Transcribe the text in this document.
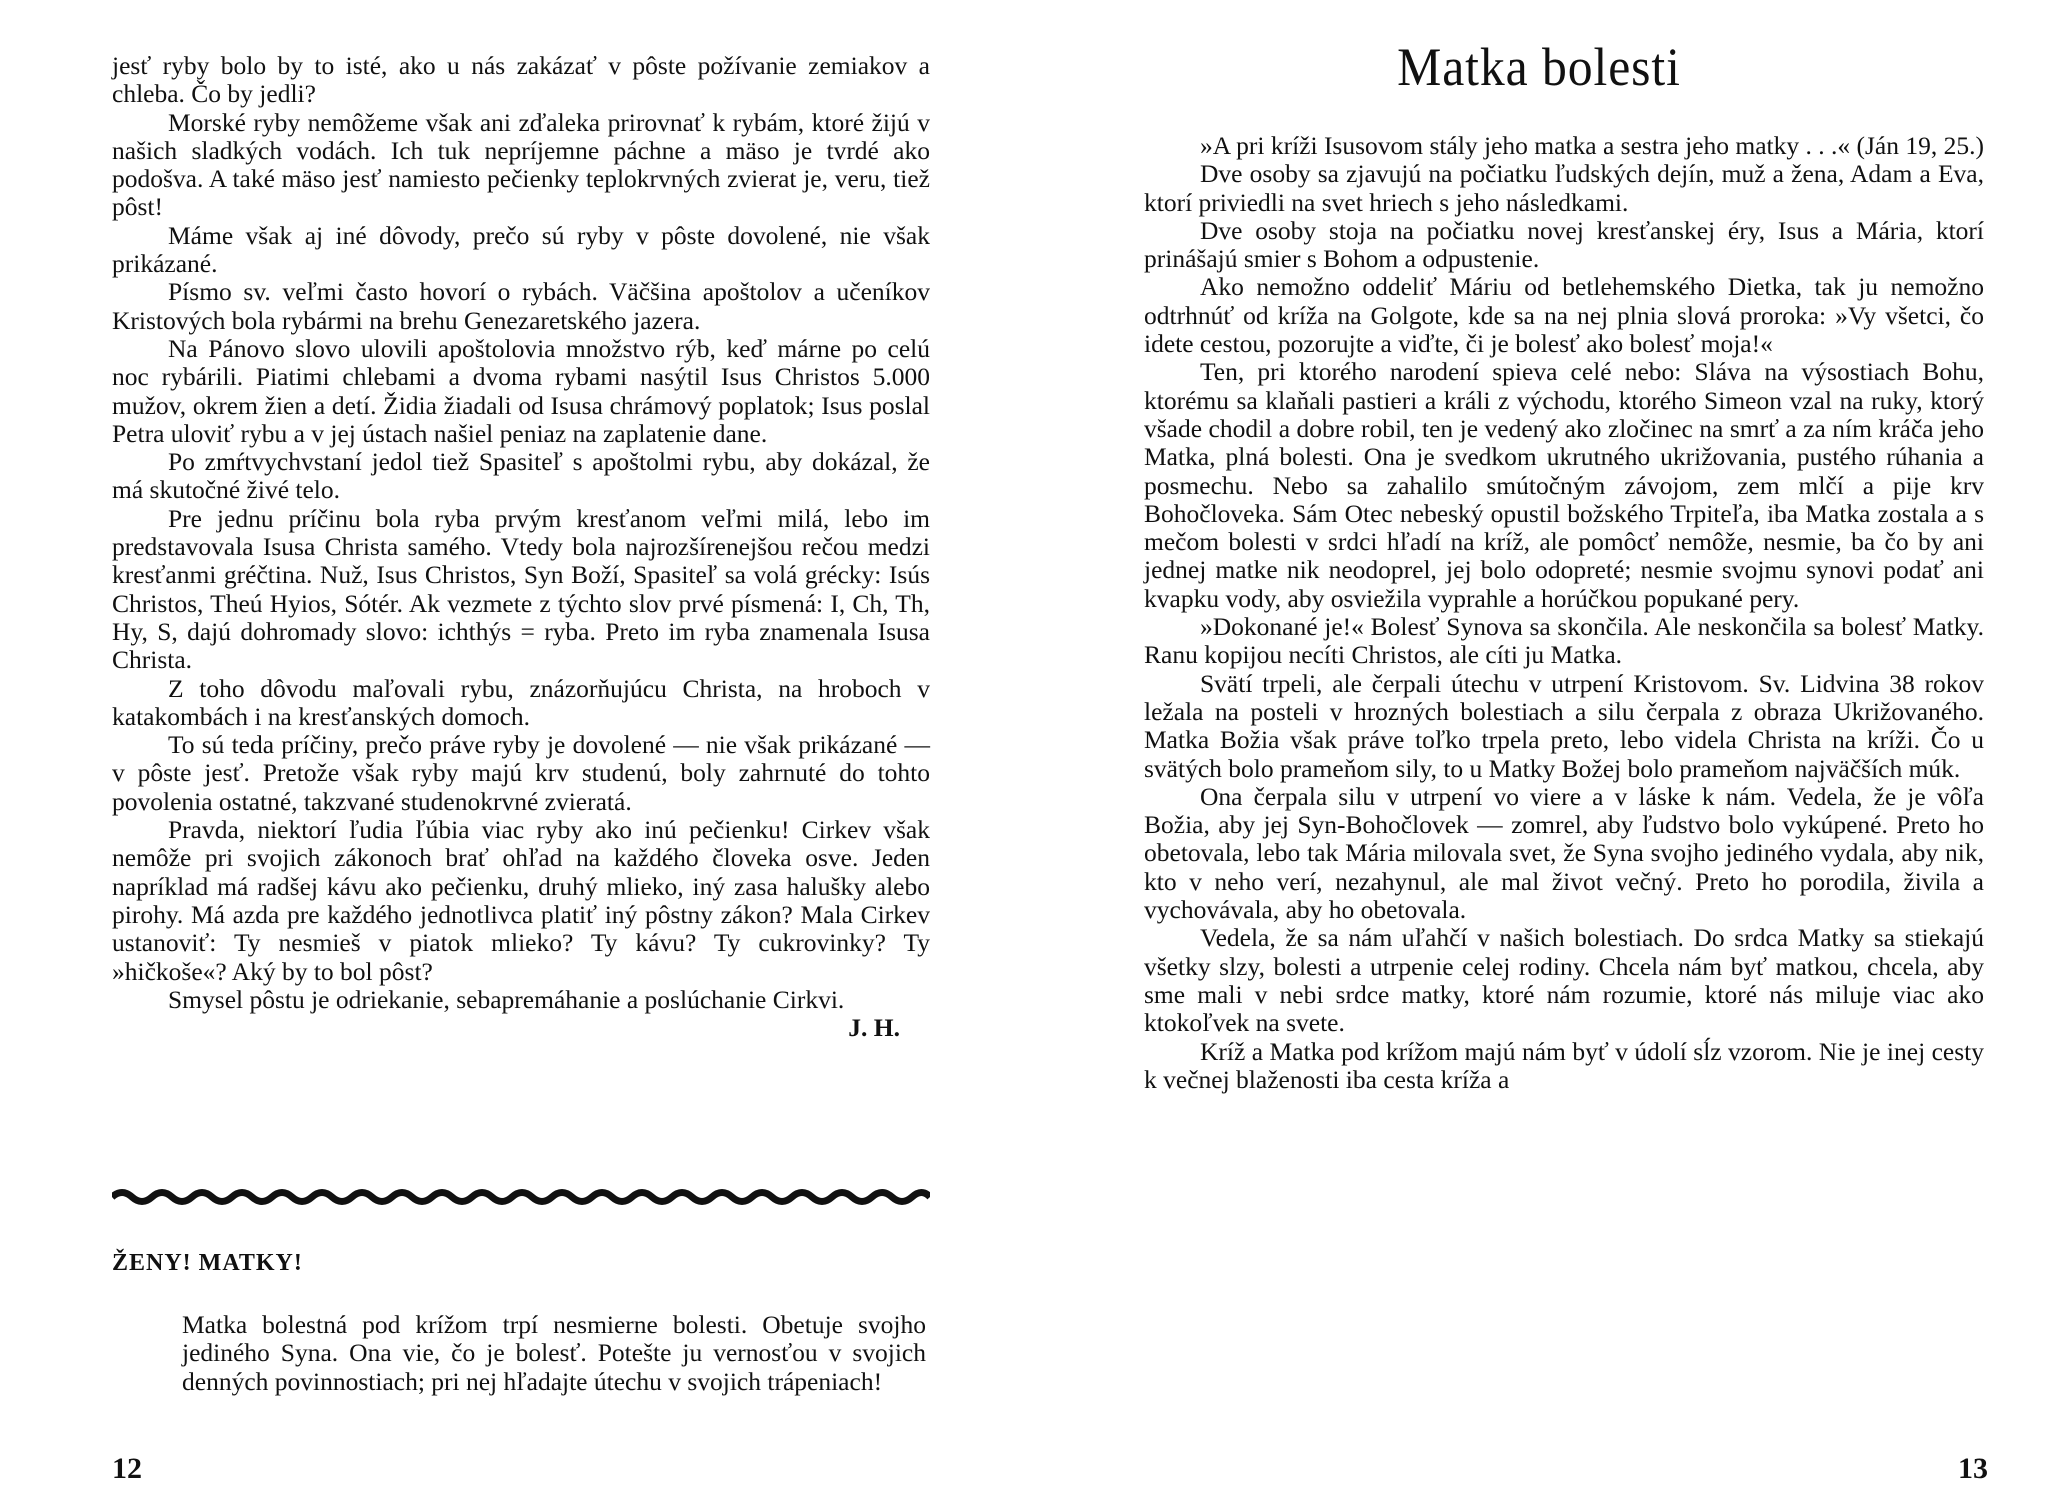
jesť ryby bolo by to isté, ako u nás zakázať v pôste požívanie zemiakov a chleba. Čo by jedli?

Morské ryby nemôžeme však ani zďaleka prirovnať k rybám, ktoré žijú v našich sladkých vodách. Ich tuk nepríjemne páchne a mäso je tvrdé ako podošva. A také mäso jesť namiesto pečienky teplokrvných zvierat je, veru, tiež pôst!

Máme však aj iné dôvody, prečo sú ryby v pôste dovolené, nie však prikázané.

Písmo sv. veľmi často hovorí o rybách. Väčšina apoštolov a učeníkov Kristových bola rybármi na brehu Genezaretského jazera.

Na Pánovo slovo ulovili apoštolovia množstvo rýb, keď márne po celú noc rybárili. Piatimi chlebami a dvoma rybami nasýtil Isus Christos 5.000 mužov, okrem žien a detí. Židia žiadali od Isusa chrámový poplatok; Isus poslal Petra uloviť rybu a v jej ústach našiel peniaz na zaplatenie dane.

Po zmŕtvychvstaní jedol tiež Spasiteľ s apoštolmi rybu, aby dokázal, že má skutočné živé telo.

Pre jednu príčinu bola ryba prvým kresťanom veľmi milá, lebo im predstavovala Isusa Christa samého. Vtedy bola najrozšírenejšou rečou medzi kresťanmi gréčtina. Nuž, Isus Christos, Syn Boží, Spasiteľ sa volá grécky: Isús Christos, Theú Hyios, Sótér. Ak vezmete z týchto slov prvé písmená: I, Ch, Th, Hy, S, dajú dohromady slovo: ichthýs = ryba. Preto im ryba znamenala Isusa Christa.

Z toho dôvodu maľovali rybu, znázorňujúcu Christa, na hroboch v katakombách i na kresťanských domoch.

To sú teda príčiny, prečo práve ryby je dovolené — nie však prikázané — v pôste jesť. Pretože však ryby majú krv studenú, boly zahrnuté do tohto povolenia ostatné, takzvané studenokrvné zvieratá.

Pravda, niektorí ľudia ľúbia viac ryby ako inú pečienku! Cirkev však nemôže pri svojich zákonoch brať ohľad na každého človeka osve. Jeden napríklad má radšej kávu ako pečienku, druhý mlieko, iný zasa halušky alebo pirohy. Má azda pre každého jednotlivca platiť iný pôstny zákon? Mala Cirkev ustanoviť: Ty nesmieš v piatok mlieko? Ty kávu? Ty cukrovinky? Ty »hičkoše«? Aký by to bol pôst?

Smysel pôstu je odriekanie, sebapremáhanie a poslúchanie Cirkvi.

J. H.

ŽENY! MATKY!

Matka bolestná pod krížom trpí nesmierne bolesti. Obetuje svojho jediného Syna. Ona vie, čo je bolesť. Potešte ju vernosťou v svojich denných povinnostiach; pri nej hľadajte útechu v svojich trápeniach!

12
Matka bolesti

»A pri kríži Isusovom stály jeho matka a sestra jeho matky . . .« (Ján 19, 25.)

Dve osoby sa zjavujú na počiatku ľudských dejín, muž a žena, Adam a Eva, ktorí priviedli na svet hriech s jeho následkami.

Dve osoby stoja na počiatku novej kresťanskej éry, Isus a Mária, ktorí prinášajú smier s Bohom a odpustenie.

Ako nemožno oddeliť Máriu od betlehemského Dietka, tak ju nemožno odtrhnúť od kríža na Golgote, kde sa na nej plnia slová proroka: »Vy všetci, čo idete cestou, pozorujte a viďte, či je bolesť ako bolesť moja!«

Ten, pri ktorého narodení spieva celé nebo: Sláva na výsostiach Bohu, ktorému sa klaňali pastieri a králi z východu, ktorého Simeon vzal na ruky, ktorý všade chodil a dobre robil, ten je vedený ako zločinec na smrť a za ním kráča jeho Matka, plná bolesti. Ona je svedkom ukrutného ukrižovania, pustého rúhania a posmechu. Nebo sa zahalilo smútočným závojom, zem mlčí a pije krv Bohočloveka. Sám Otec nebeský opustil božského Trpiteľa, iba Matka zostala a s mečom bolesti v srdci hľadí na kríž, ale pomôcť nemôže, nesmie, ba čo by ani jednej matke nik neodoprel, jej bolo odopreté; nesmie svojmu synovi podať ani kvapku vody, aby osviežila vyprahle a horúčkou popukané pery.

»Dokonané je!« Bolesť Synova sa skončila. Ale neskončila sa bolesť Matky. Ranu kopijou necíti Christos, ale cíti ju Matka.

Svätí trpeli, ale čerpali útechu v utrpení Kristovom. Sv. Lidvina 38 rokov ležala na posteli v hrozných bolestiach a silu čerpala z obraza Ukrižovaného. Matka Božia však práve toľko trpela preto, lebo videla Christa na kríži. Čo u svätých bolo prameňom sily, to u Matky Božej bolo prameňom najväčších múk.

Ona čerpala silu v utrpení vo viere a v láske k nám. Vedela, že je vôľa Božia, aby jej Syn-Bohočlovek — zomrel, aby ľudstvo bolo vykúpené. Preto ho obetovala, lebo tak Mária milovala svet, že Syna svojho jediného vydala, aby nik, kto v neho verí, nezahynul, ale mal život večný. Preto ho porodila, živila a vychovávala, aby ho obetovala.

Vedela, že sa nám uľahčí v našich bolestiach. Do srdca Matky sa stiekajú všetky slzy, bolesti a utrpenie celej rodiny. Chcela nám byť matkou, chcela, aby sme mali v nebi srdce matky, ktoré nám rozumie, ktoré nás miluje viac ako ktokoľvek na svete.

Kríž a Matka pod krížom majú nám byť v údolí sĺz vzorom. Nie je inej cesty k večnej blaženosti iba cesta kríža a

13
